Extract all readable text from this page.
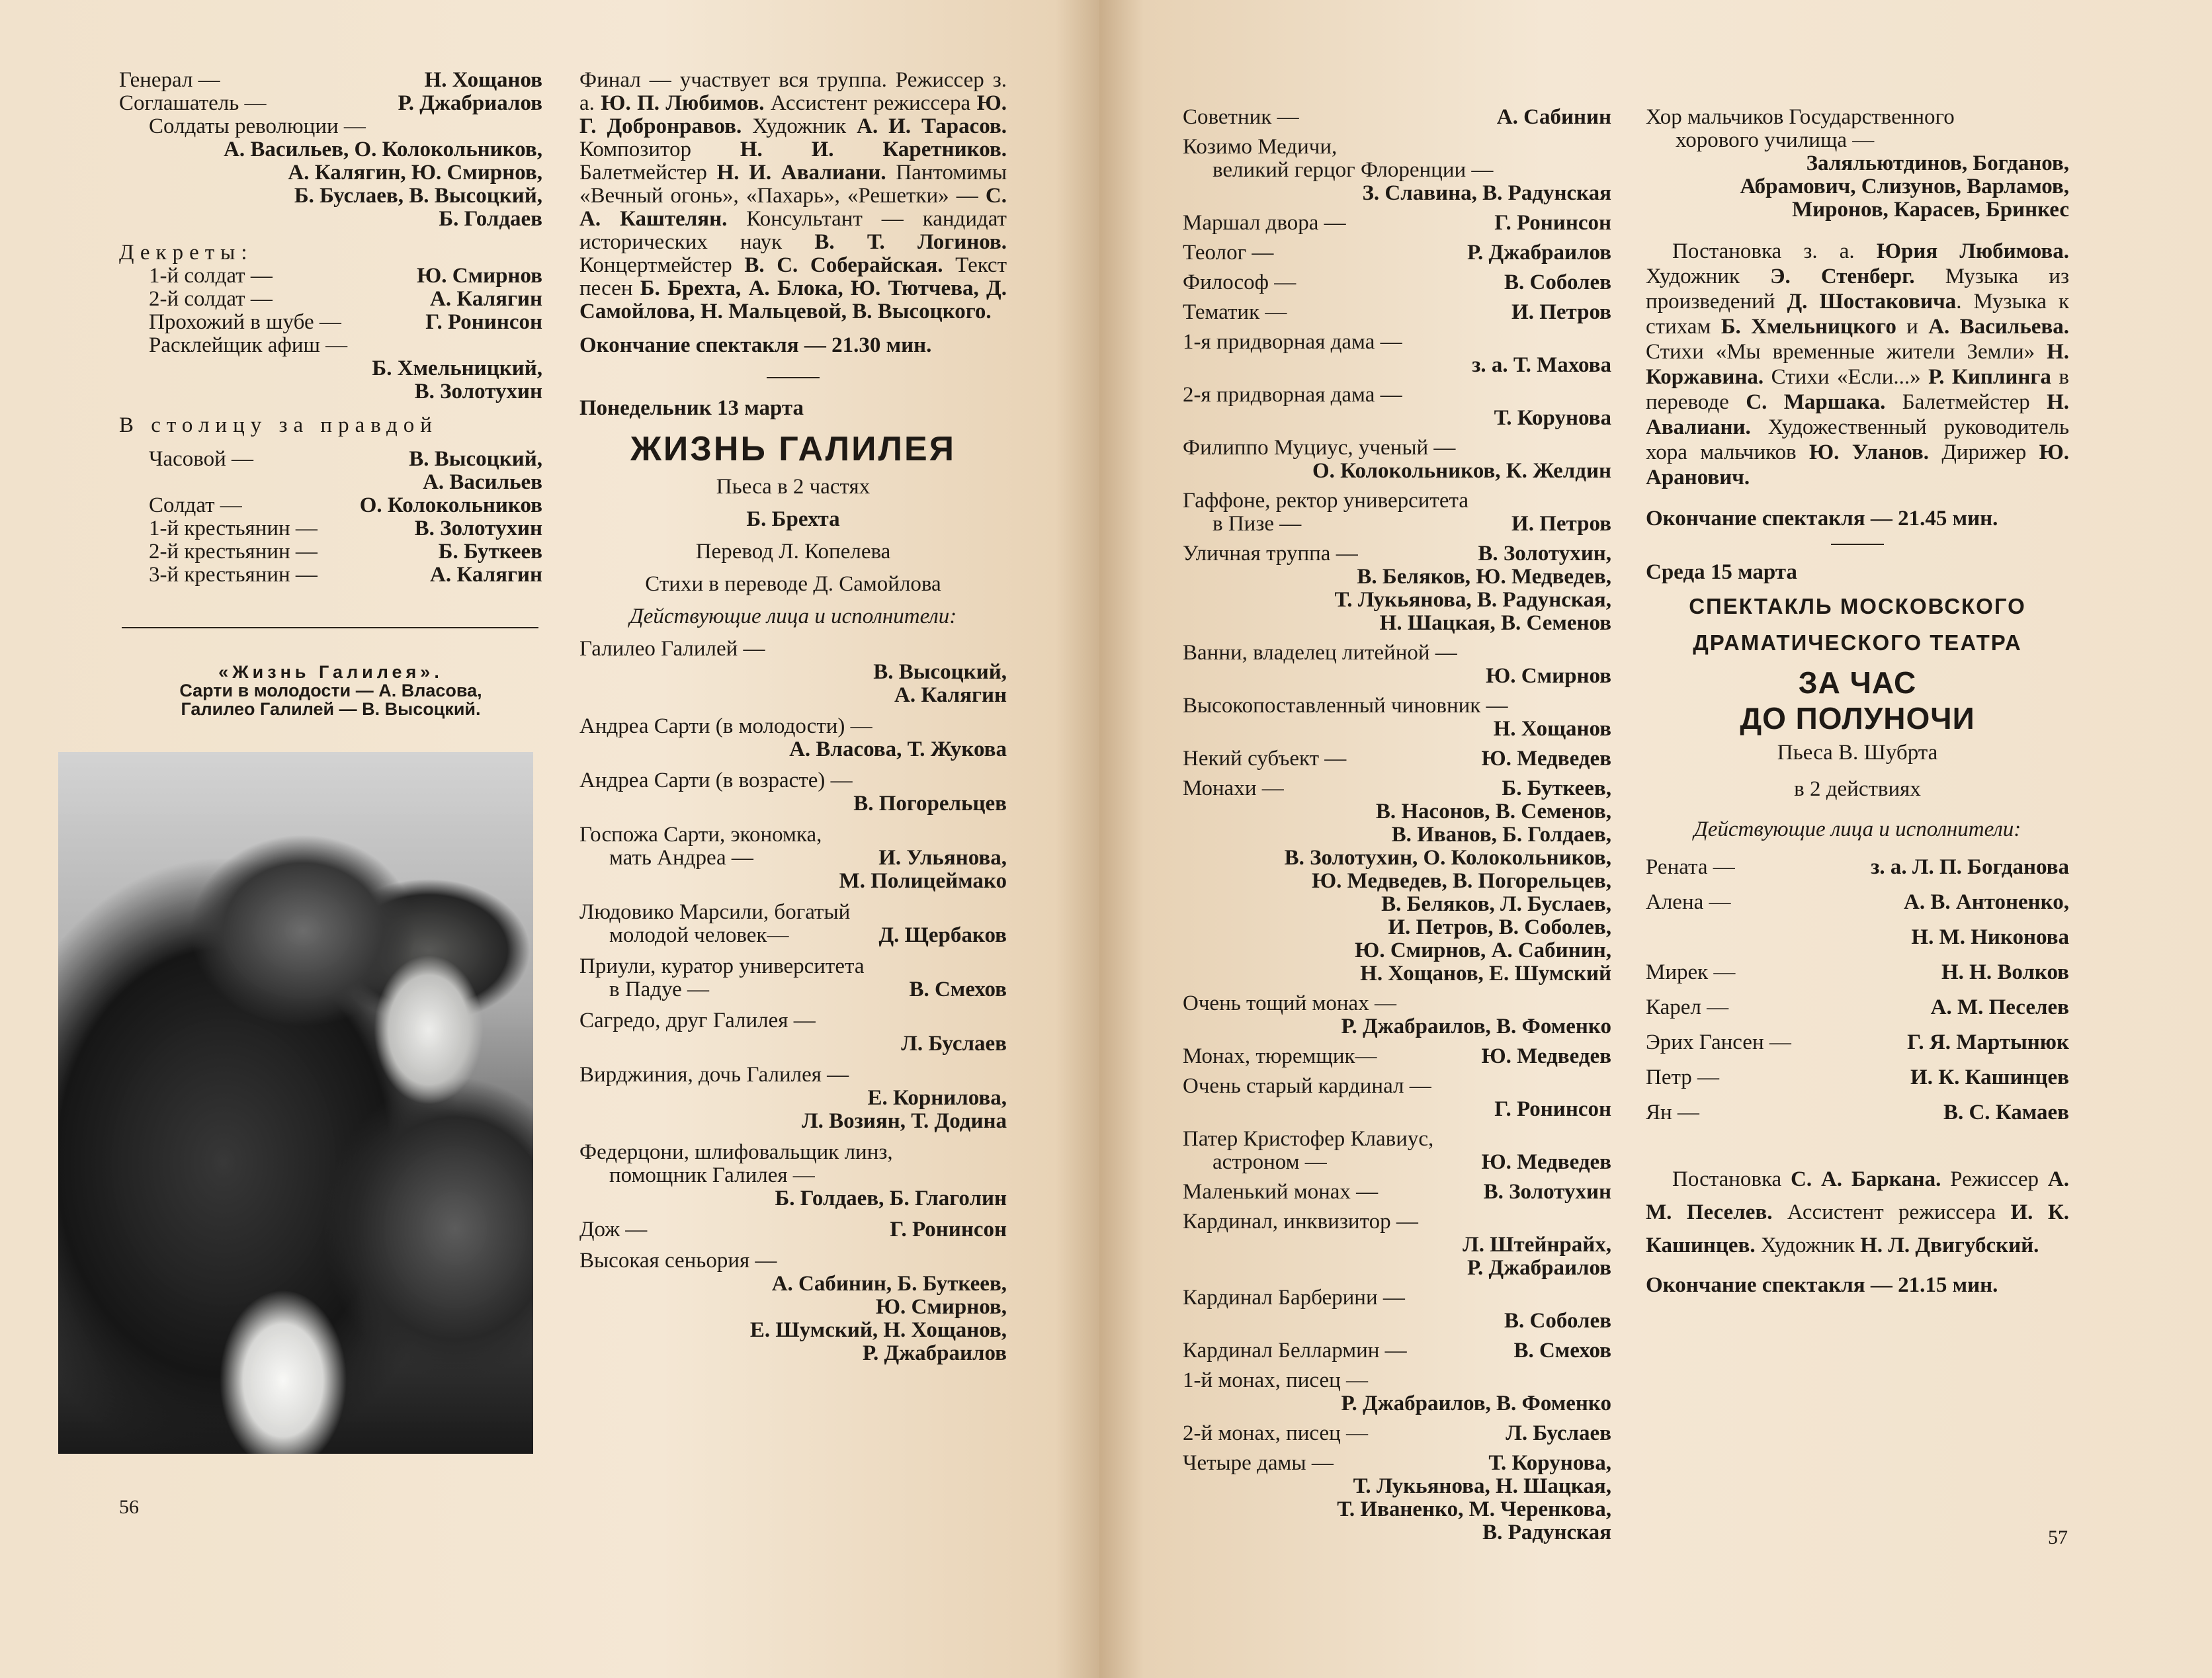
Генерал —	Н. Хощанов
Соглашатель —	Р. Джабриалов
Солдаты революции —
А. Васильев, О. Колокольников,
А. Калягин, Ю. Смирнов,
Б. Буслаев, В. Высоцкий,
Б. Голдаев
Декреты:
1-й солдат —	Ю. Смирнов
2-й солдат —	А. Калягин
Прохожий в шубе —	Г. Ронинсон
Расклейщик афиш —
Б. Хмельницкий,
В. Золотухин
В столицу за правдой
Часовой —	В. Высоцкий,
А. Васильев
Солдат —	О. Колокольников
1-й крестьянин —	В. Золотухин
2-й крестьянин —	Б. Буткеев
3-й крестьянин —	А. Калягин
«Жизнь Галилея».
Сарти в молодости — А. Власова,
Галилео Галилей — В. Высоцкий.
56
Финал — участвует вся труппа. Режиссер з. а. Ю. П. Любимов. Ассистент режиссера Ю. Г. Добронравов. Художник А. И. Тарасов. Композитор Н. И. Каретников. Балетмейстер Н. И. Авалиани. Пантомимы «Вечный огонь», «Пахарь», «Решетки» — С. А. Каштелян. Консультант — кандидат исторических наук В. Т. Логинов. Концертмейстер В. С. Соберайская. Текст песен Б. Брехта, А. Блока, Ю. Тютчева, Д. Самойлова, Н. Мальцевой, В. Высоцкого.
Окончание спектакля — 21.30 мин.
Понедельник 13 марта
ЖИЗНЬ ГАЛИЛЕЯ
Пьеса в 2 частях
Б. Брехта
Перевод Л. Копелева
Стихи в переводе Д. Самойлова
Действующие лица и исполнители:
Галилео Галилей —
В. Высоцкий,
А. Калягин
Андреа Сарти (в молодости) —
А. Власова, Т. Жукова
Андреа Сарти (в возрасте) —
В. Погорельцев
Госпожа Сарти, экономка,
мать Андреа —	И. Ульянова,
М. Полицеймако
Людовико Марсили, богатый
молодой человек—	Д. Щербаков
Приули, куратор университета
в Падуе —	В. Смехов
Сагредо, друг Галилея —
Л. Буслаев
Вирджиния, дочь Галилея —
Е. Корнилова,
Л. Возиян, Т. Додина
Федерцони, шлифовальщик линз,
помощник Галилея —
Б. Голдаев, Б. Глаголин
Дож —	Г. Ронинсон
Высокая сеньория —
А. Сабинин, Б. Буткеев,
Ю. Смирнов,
Е. Шумский, Н. Хощанов,
Р. Джабраилов
Советник —	А. Сабинин
Козимо Медичи,
великий герцог Флоренции —
З. Славина, В. Радунская
Маршал двора —	Г. Ронинсон
Теолог —	Р. Джабраилов
Философ —	В. Соболев
Тематик —	И. Петров
1-я придворная дама —
з. а. Т. Махова
2-я придворная дама —
Т. Корунова
Филиппо Муциус, ученый —
О. Колокольников, К. Желдин
Гаффоне, ректор университета
в Пизе —	И. Петров
Уличная труппа —	В. Золотухин,
В. Беляков, Ю. Медведев,
Т. Лукьянова, В. Радунская,
Н. Шацкая, В. Семенов
Ванни, владелец литейной —
Ю. Смирнов
Высокопоставленный чиновник —
Н. Хощанов
Некий субъект —	Ю. Медведев
Монахи —	Б. Буткеев,
В. Насонов, В. Семенов,
В. Иванов, Б. Голдаев,
В. Золотухин, О. Колокольников,
Ю. Медведев, В. Погорельцев,
В. Беляков, Л. Буслаев,
И. Петров, В. Соболев,
Ю. Смирнов, А. Сабинин,
Н. Хощанов, Е. Шумский
Очень тощий монах —
Р. Джабраилов, В. Фоменко
Монах, тюремщик—	Ю. Медведев
Очень старый кардинал —
Г. Ронинсон
Патер Кристофер Клавиус,
астроном —	Ю. Медведев
Маленький монах —	В. Золотухин
Кардинал, инквизитор —
Л. Штейнрайх,
Р. Джабраилов
Кардинал Барберини —
В. Соболев
Кардинал Беллармин —	В. Смехов
1-й монах, писец —
Р. Джабраилов, В. Фоменко
2-й монах, писец —	Л. Буслаев
Четыре дамы —	Т. Корунова,
Т. Лукьянова, Н. Шацкая,
Т. Иваненко, М. Черенкова,
В. Радунская
Хор мальчиков Государственного
хорового училища —
Заляльютдинов, Богданов,
Абрамович, Слизунов, Варламов,
Миронов, Карасев, Бринкес
Постановка з. а. Юрия Любимова. Художник Э. Стенберг. Музыка из произведений Д. Шостаковича. Музыка к стихам Б. Хмельницкого и А. Васильева. Стихи «Мы временные жители Земли» Н. Коржавина. Стихи «Если...» Р. Киплинга в переводе С. Маршака. Балетмейстер Н. Авалиани. Художественный руководитель хора мальчиков Ю. Уланов. Дирижер Ю. Аранович.
Окончание спектакля — 21.45 мин.
Среда 15 марта
СПЕКТАКЛЬ МОСКОВСКОГО
ДРАМАТИЧЕСКОГО ТЕАТРА
ЗА ЧАС
ДО ПОЛУНОЧИ
Пьеса В. Шубрта
в 2 действиях
Действующие лица и исполнители:
Рената —	з. а. Л. П. Богданова
Алена —	А. В. Антоненко,
Н. М. Никонова
Мирек —	Н. Н. Волков
Карел —	А. М. Песелев
Эрих Гансен —	Г. Я. Мартынюк
Петр —	И. К. Кашинцев
Ян —	В. С. Камаев
Постановка С. А. Баркана. Режиссер А. М. Песелев. Ассистент режиссера И. К. Кашинцев. Художник Н. Л. Двигубский.
Окончание спектакля — 21.15 мин.
57
